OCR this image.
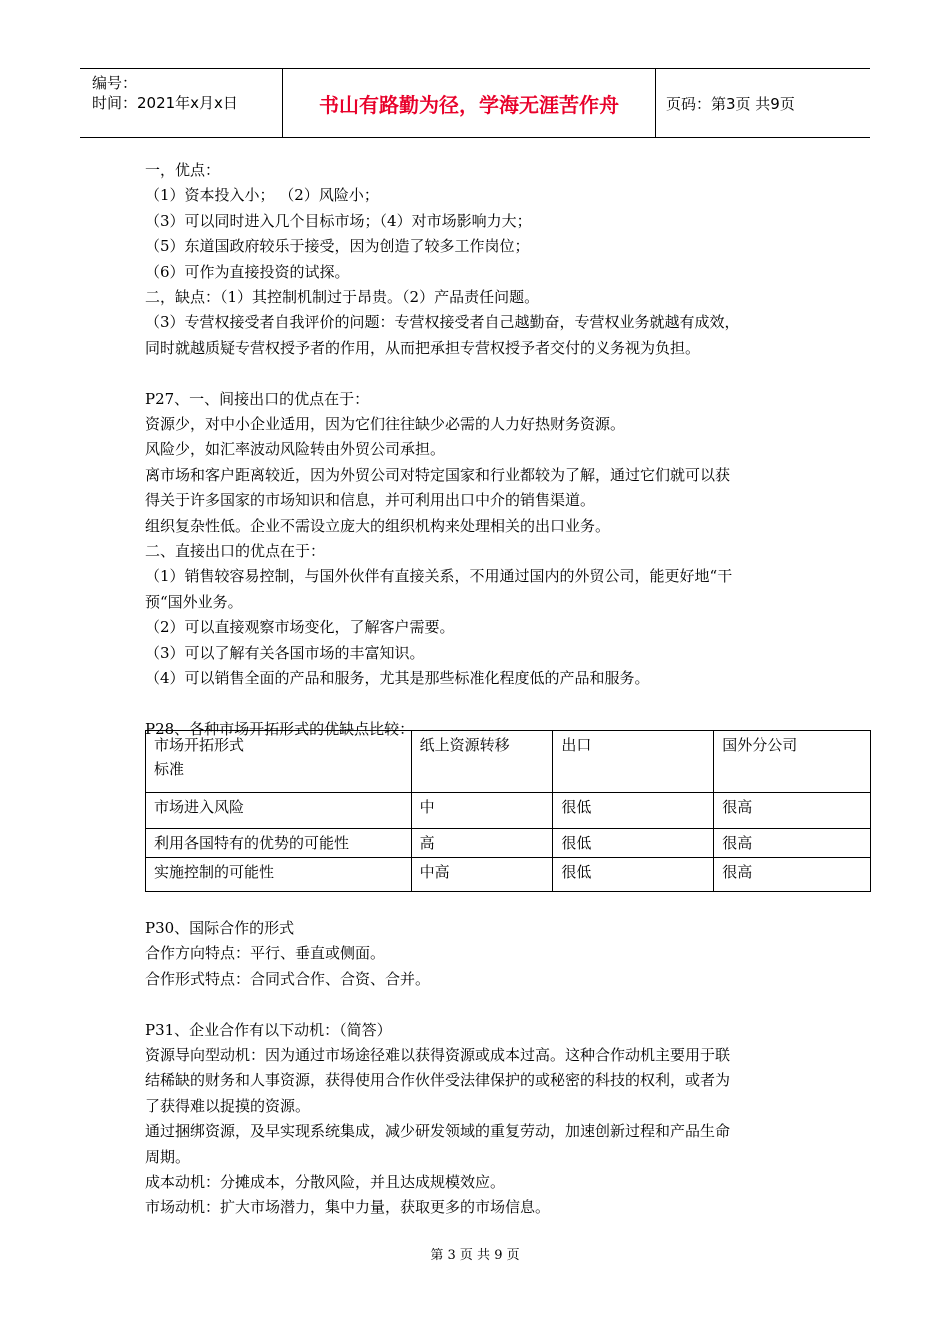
编号：
时间：2021年x月x日	书山有路勤为径，学海无涯苦作舟	页码：第3页 共9页

一，优点：

（1）资本投入小； （2）风险小；

（3）可以同时进入几个目标市场；（4）对市场影响力大；

（5）东道国政府较乐于接受，因为创造了较多工作岗位；

（6）可作为直接投资的试探。

二，缺点：（1）其控制机制过于昂贵。（2）产品责任问题。

（3）专营权接受者自我评价的问题：专营权接受者自己越勤奋，专营权业务就越有成效，

同时就越质疑专营权授予者的作用，从而把承担专营权授予者交付的义务视为负担。

P27、一、间接出口的优点在于：

资源少，对中小企业适用，因为它们往往缺少必需的人力好热财务资源。

风险少，如汇率波动风险转由外贸公司承担。

离市场和客户距离较近，因为外贸公司对特定国家和行业都较为了解，通过它们就可以获

得关于许多国家的市场知识和信息，并可利用出口中介的销售渠道。

组织复杂性低。企业不需设立庞大的组织机构来处理相关的出口业务。

二、直接出口的优点在于：

（1）销售较容易控制，与国外伙伴有直接关系，不用通过国内的外贸公司，能更好地“干

预“国外业务。

（2）可以直接观察市场变化，了解客户需要。

（3）可以了解有关各国市场的丰富知识。

（4）可以销售全面的产品和服务，尤其是那些标准化程度低的产品和服务。

P28、各种市场开拓形式的优缺点比较：

市场开拓形式
标准	纸上资源转移	出口	国外分公司
市场进入风险	中	很低	很高
利用各国特有的优势的可能性	高	很低	很高
实施控制的可能性	中高	很低	很高

P30、国际合作的形式

合作方向特点：平行、垂直或侧面。

合作形式特点：合同式合作、合资、合并。

P31、企业合作有以下动机：（简答）

资源导向型动机：因为通过市场途径难以获得资源或成本过高。这种合作动机主要用于联

结稀缺的财务和人事资源，获得使用合作伙伴受法律保护的或秘密的科技的权利，或者为

了获得难以捉摸的资源。

通过捆绑资源，及早实现系统集成，减少研发领域的重复劳动，加速创新过程和产品生命

周期。

成本动机：分摊成本，分散风险，并且达成规模效应。

市场动机：扩大市场潜力，集中力量，获取更多的市场信息。

第 3 页 共 9 页
